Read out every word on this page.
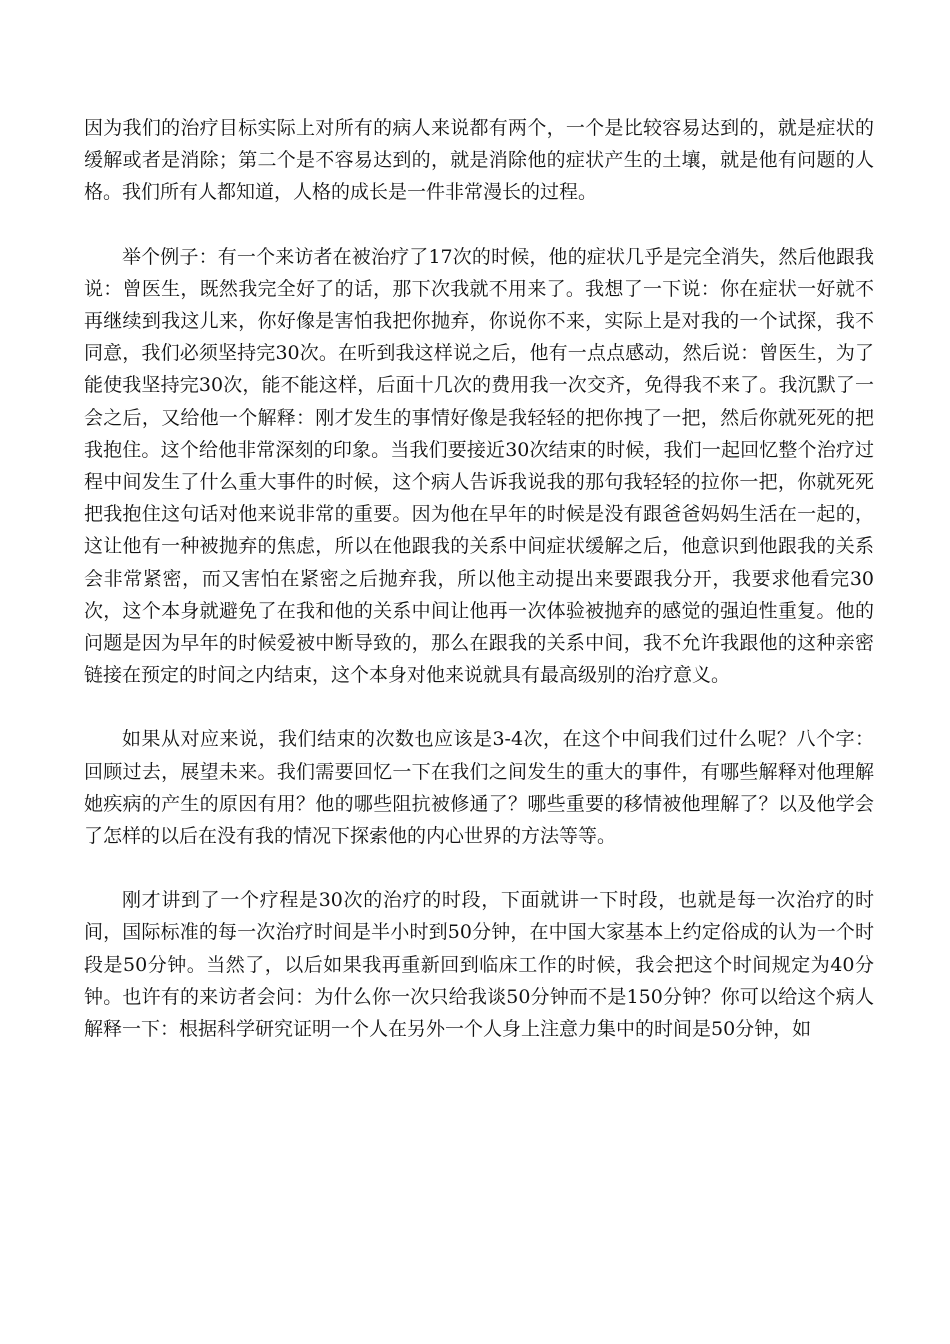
因为我们的治疗目标实际上对所有的病人来说都有两个，一个是比较容易达到的，就是症状的缓解或者是消除；第二个是不容易达到的，就是消除他的症状产生的土壤，就是他有问题的人格。我们所有人都知道，人格的成长是一件非常漫长的过程。

举个例子：有一个来访者在被治疗了17次的时候，他的症状几乎是完全消失，然后他跟我说：曾医生，既然我完全好了的话，那下次我就不用来了。我想了一下说：你在症状一好就不再继续到我这儿来，你好像是害怕我把你抛弃，你说你不来，实际上是对我的一个试探，我不同意，我们必须坚持完30次。在听到我这样说之后，他有一点点感动，然后说：曾医生，为了能使我坚持完30次，能不能这样，后面十几次的费用我一次交齐，免得我不来了。我沉默了一会之后，又给他一个解释：刚才发生的事情好像是我轻轻的把你拽了一把，然后你就死死的把我抱住。这个给他非常深刻的印象。当我们要接近30次结束的时候，我们一起回忆整个治疗过程中间发生了什么重大事件的时候，这个病人告诉我说我的那句我轻轻的拉你一把，你就死死把我抱住这句话对他来说非常的重要。因为他在早年的时候是没有跟爸爸妈妈生活在一起的，这让他有一种被抛弃的焦虑，所以在他跟我的关系中间症状缓解之后，他意识到他跟我的关系会非常紧密，而又害怕在紧密之后抛弃我，所以他主动提出来要跟我分开，我要求他看完30次，这个本身就避免了在我和他的关系中间让他再一次体验被抛弃的感觉的强迫性重复。他的问题是因为早年的时候爱被中断导致的，那么在跟我的关系中间，我不允许我跟他的这种亲密链接在预定的时间之内结束，这个本身对他来说就具有最高级别的治疗意义。

如果从对应来说，我们结束的次数也应该是3-4次，在这个中间我们过什么呢？八个字：回顾过去，展望未来。我们需要回忆一下在我们之间发生的重大的事件，有哪些解释对他理解她疾病的产生的原因有用？他的哪些阻抗被修通了？哪些重要的移情被他理解了？以及他学会了怎样的以后在没有我的情况下探索他的内心世界的方法等等。

刚才讲到了一个疗程是30次的治疗的时段，下面就讲一下时段，也就是每一次治疗的时间，国际标准的每一次治疗时间是半小时到50分钟，在中国大家基本上约定俗成的认为一个时段是50分钟。当然了，以后如果我再重新回到临床工作的时候，我会把这个时间规定为40分钟。也许有的来访者会问：为什么你一次只给我谈50分钟而不是150分钟？你可以给这个病人解释一下：根据科学研究证明一个人在另外一个人身上注意力集中的时间是50分钟，如
